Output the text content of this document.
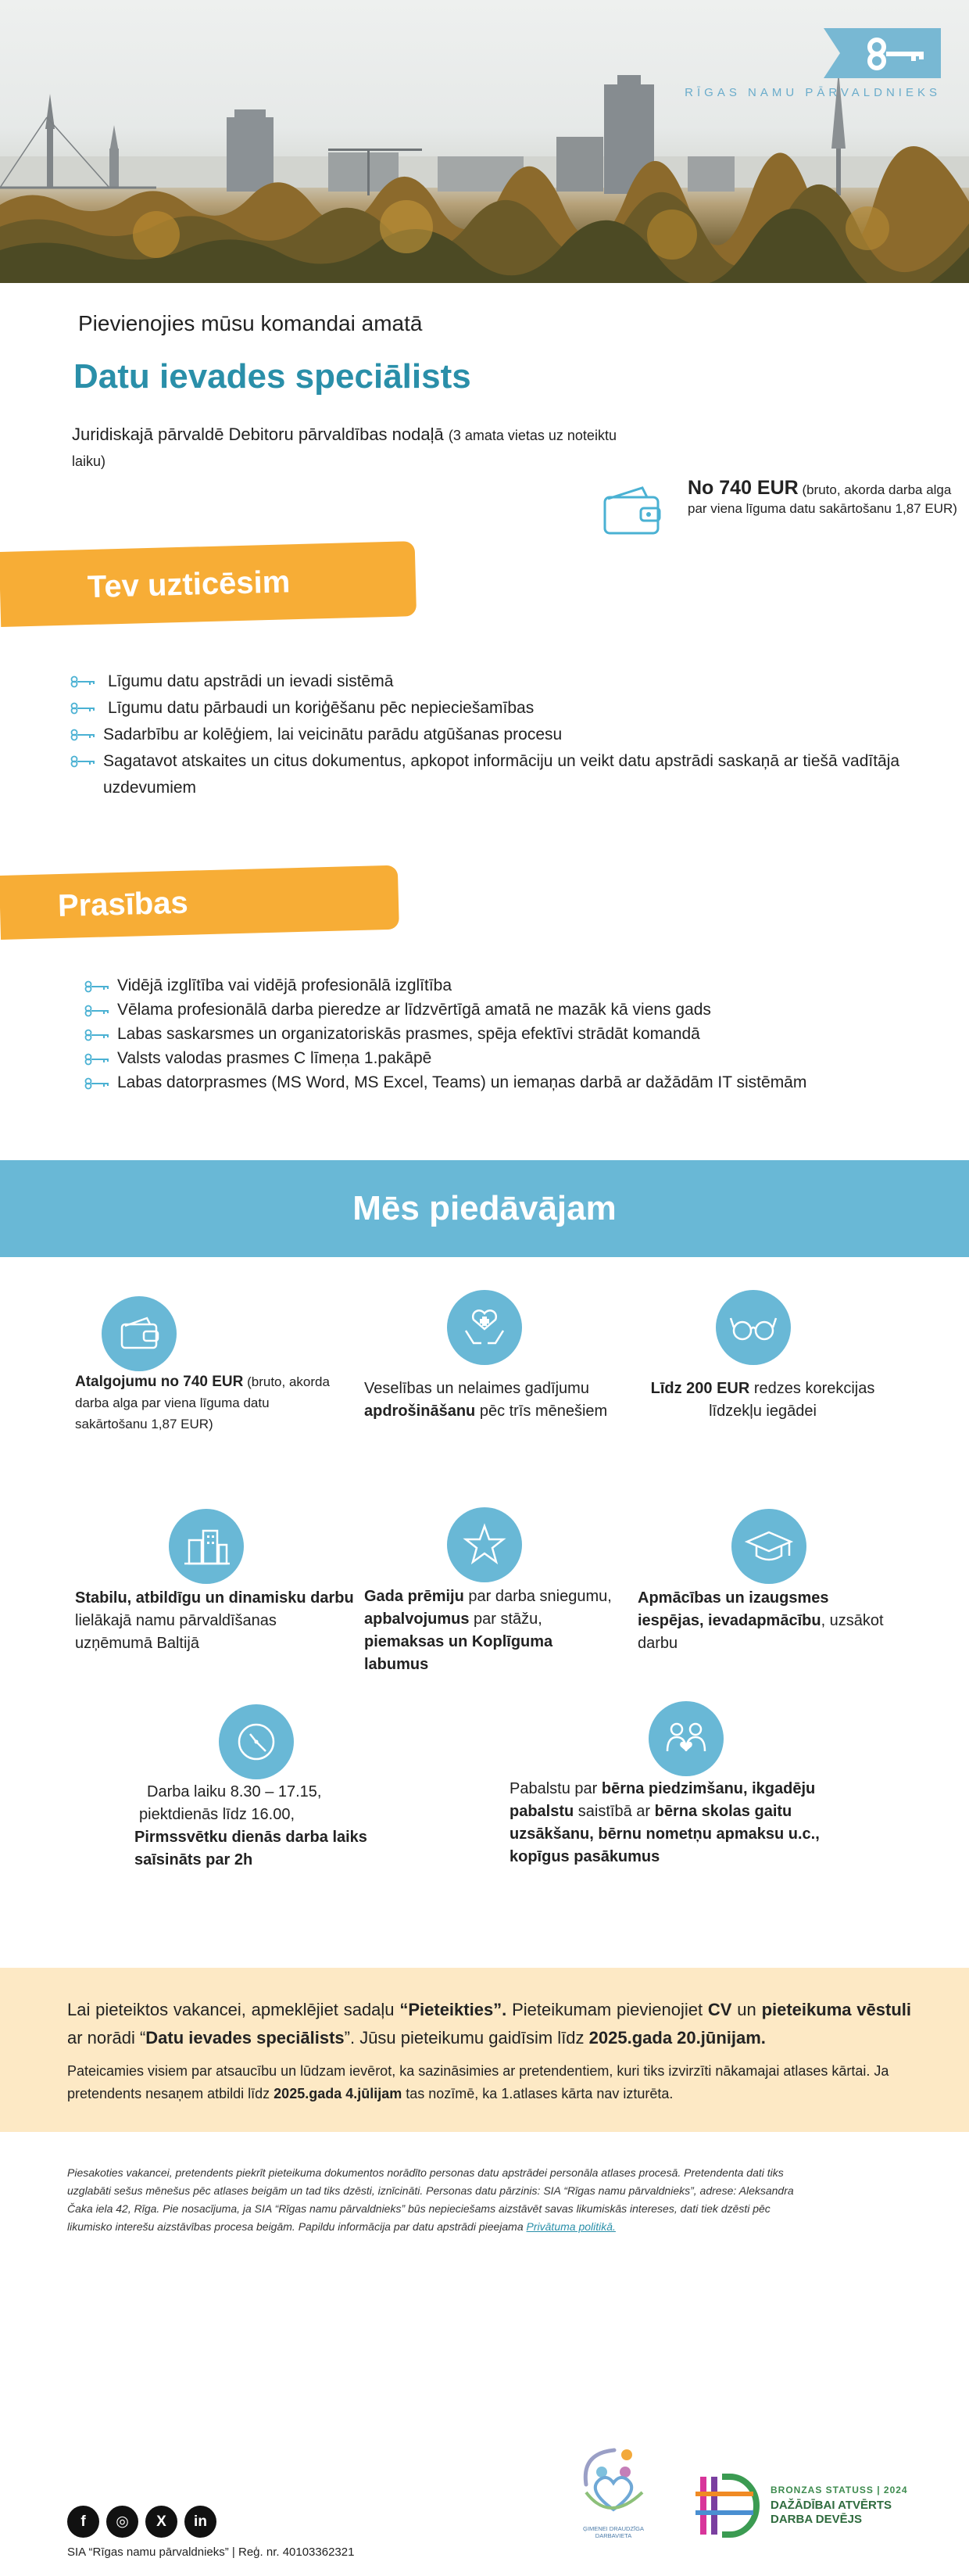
RĪGAS NAMU PĀRVALDNIEKS
Pievienojies mūsu komandai amatā
Datu ievades speciālists
Juridiskajā pārvaldē Debitoru pārvaldības nodaļā (3 amata vietas uz noteiktu laiku)
No 740 EUR (bruto, akorda darba alga par viena līguma datu sakārtošanu 1,87 EUR)
Tev uzticēsim
Līgumu datu apstrādi un ievadi sistēmā
Līgumu datu pārbaudi un koriģēšanu pēc nepieciešamības
Sadarbību ar kolēģiem, lai veicinātu parādu atgūšanas procesu
Sagatavot atskaites un citus dokumentus, apkopot informāciju un veikt datu apstrādi saskaņā ar tiešā vadītāja uzdevumiem
Prasības
Vidējā izglītība vai vidējā profesionālā izglītība
Vēlama profesionālā darba pieredze ar līdzvērtīgā amatā ne mazāk kā viens gads
Labas saskarsmes un organizatoriskās prasmes, spēja efektīvi strādāt komandā
Valsts valodas prasmes C līmeņa 1.pakāpē
Labas datorprasmes (MS Word, MS Excel, Teams) un iemaņas darbā ar dažādām IT sistēmām
Mēs piedāvājam
Atalgojumu no 740 EUR (bruto, akorda darba alga par viena līguma datu sakārtošanu 1,87 EUR)
Veselības un nelaimes gadījumu apdrošināšanu pēc trīs mēnešiem
Līdz 200 EUR redzes korekcijas līdzekļu iegādei
Stabilu, atbildīgu un dinamisku darbu lielākajā namu pārvaldīšanas uzņēmumā Baltijā
Gada prēmiju par darba sniegumu, apbalvojumus par stāžu, piemaksas un Koplīguma labumus
Apmācības un izaugsmes iespējas, ievadapmācību, uzsākot darbu
Darba laiku 8.30 – 17.15,
piektdienās līdz 16.00,
Pirmssvētku dienās darba laiks saīsināts par 2h
Pabalstu par bērna piedzimšanu, ikgadēju pabalstu saistībā ar bērna skolas gaitu uzsākšanu, bērnu nometņu apmaksu u.c., kopīgus pasākumus
Lai pieteiktos vakancei, apmeklējiet sadaļu “Pieteikties”. Pieteikumam pievienojiet CV un pieteikuma vēstuli ar norādi “Datu ievades speciālists”. Jūsu pieteikumu gaidīsim līdz 2025.gada 20.jūnijam.
Pateicamies visiem par atsaucību un lūdzam ievērot, ka sazināsimies ar pretendentiem, kuri tiks izvirzīti nākamajai atlases kārtai. Ja pretendents nesaņem atbildi līdz 2025.gada 4.jūlijam tas nozīmē, ka 1.atlases kārta nav izturēta.
Piesakoties vakancei, pretendents piekrīt pieteikuma dokumentos norādīto personas datu apstrādei personāla atlases procesā. Pretendenta dati tiks uzglabāti sešus mēnešus pēc atlases beigām un tad tiks dzēsti, iznīcināti. Personas datu pārzinis: SIA “Rīgas namu pārvaldnieks”, adrese: Aleksandra Čaka iela 42, Rīga. Pie nosacījuma, ja SIA “Rīgas namu pārvaldnieks” būs nepieciešams aizstāvēt savas likumiskās intereses, dati tiek dzēsti pēc likumisko interešu aizstāvības procesa beigām. Papildu informācija par datu apstrādi pieejama Privātuma politikā.
ĢIMENEI DRAUDZĪGA DARBAVIETA
BRONZAS STATUSS | 2024
DAŽĀDĪBAI ATVĒRTS DARBA DEVĒJS
f	◎	X	in
SIA “Rīgas namu pārvaldnieks” | Reģ. nr. 40103362321
